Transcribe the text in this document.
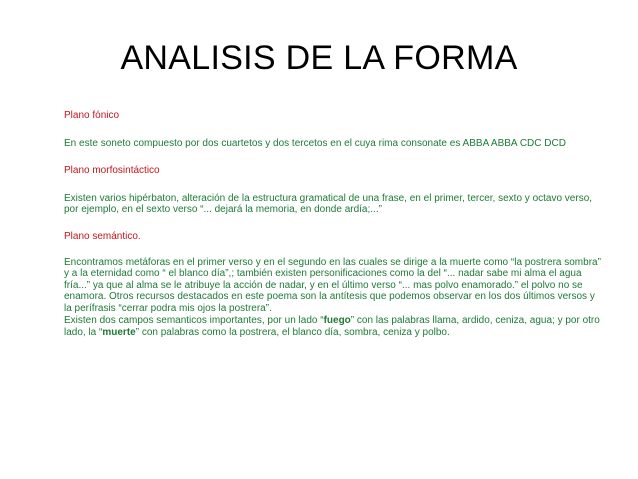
ANALISIS DE LA FORMA
Plano fónico

En este soneto compuesto por dos cuartetos y dos tercetos en el cuya rima consonate es ABBA ABBA CDC DCD

Plano morfosintáctico

Existen varios hipérbaton, alteración de la estructura gramatical de una frase, en el primer, tercer, sexto y octavo verso, por ejemplo, en el sexto verso “... dejará la memoria, en donde ardía;...”

Plano semántico.

Encontramos metáforas en el primer verso y en el segundo en las cuales se dirige a la muerte como “la postrera sombra” y a la eternidad como “ el blanco día”,; también existen personificaciones como la del “... nadar sabe mi alma el agua fría...” ya que al alma se le atribuye la acción de nadar, y en el último verso “... mas polvo enamorado.” el polvo no se enamora. Otros recursos destacados en este poema son la antítesis que podemos observar en los dos últimos versos y la perífrasis “cerrar podra mis ojos la postrera”.

Existen dos campos semanticos importantes, por un lado “fuego” con las palabras llama, ardido, ceniza, agua; y por otro lado, la “muerte” con palabras como la postrera, el blanco día, sombra, ceniza y polbo.
